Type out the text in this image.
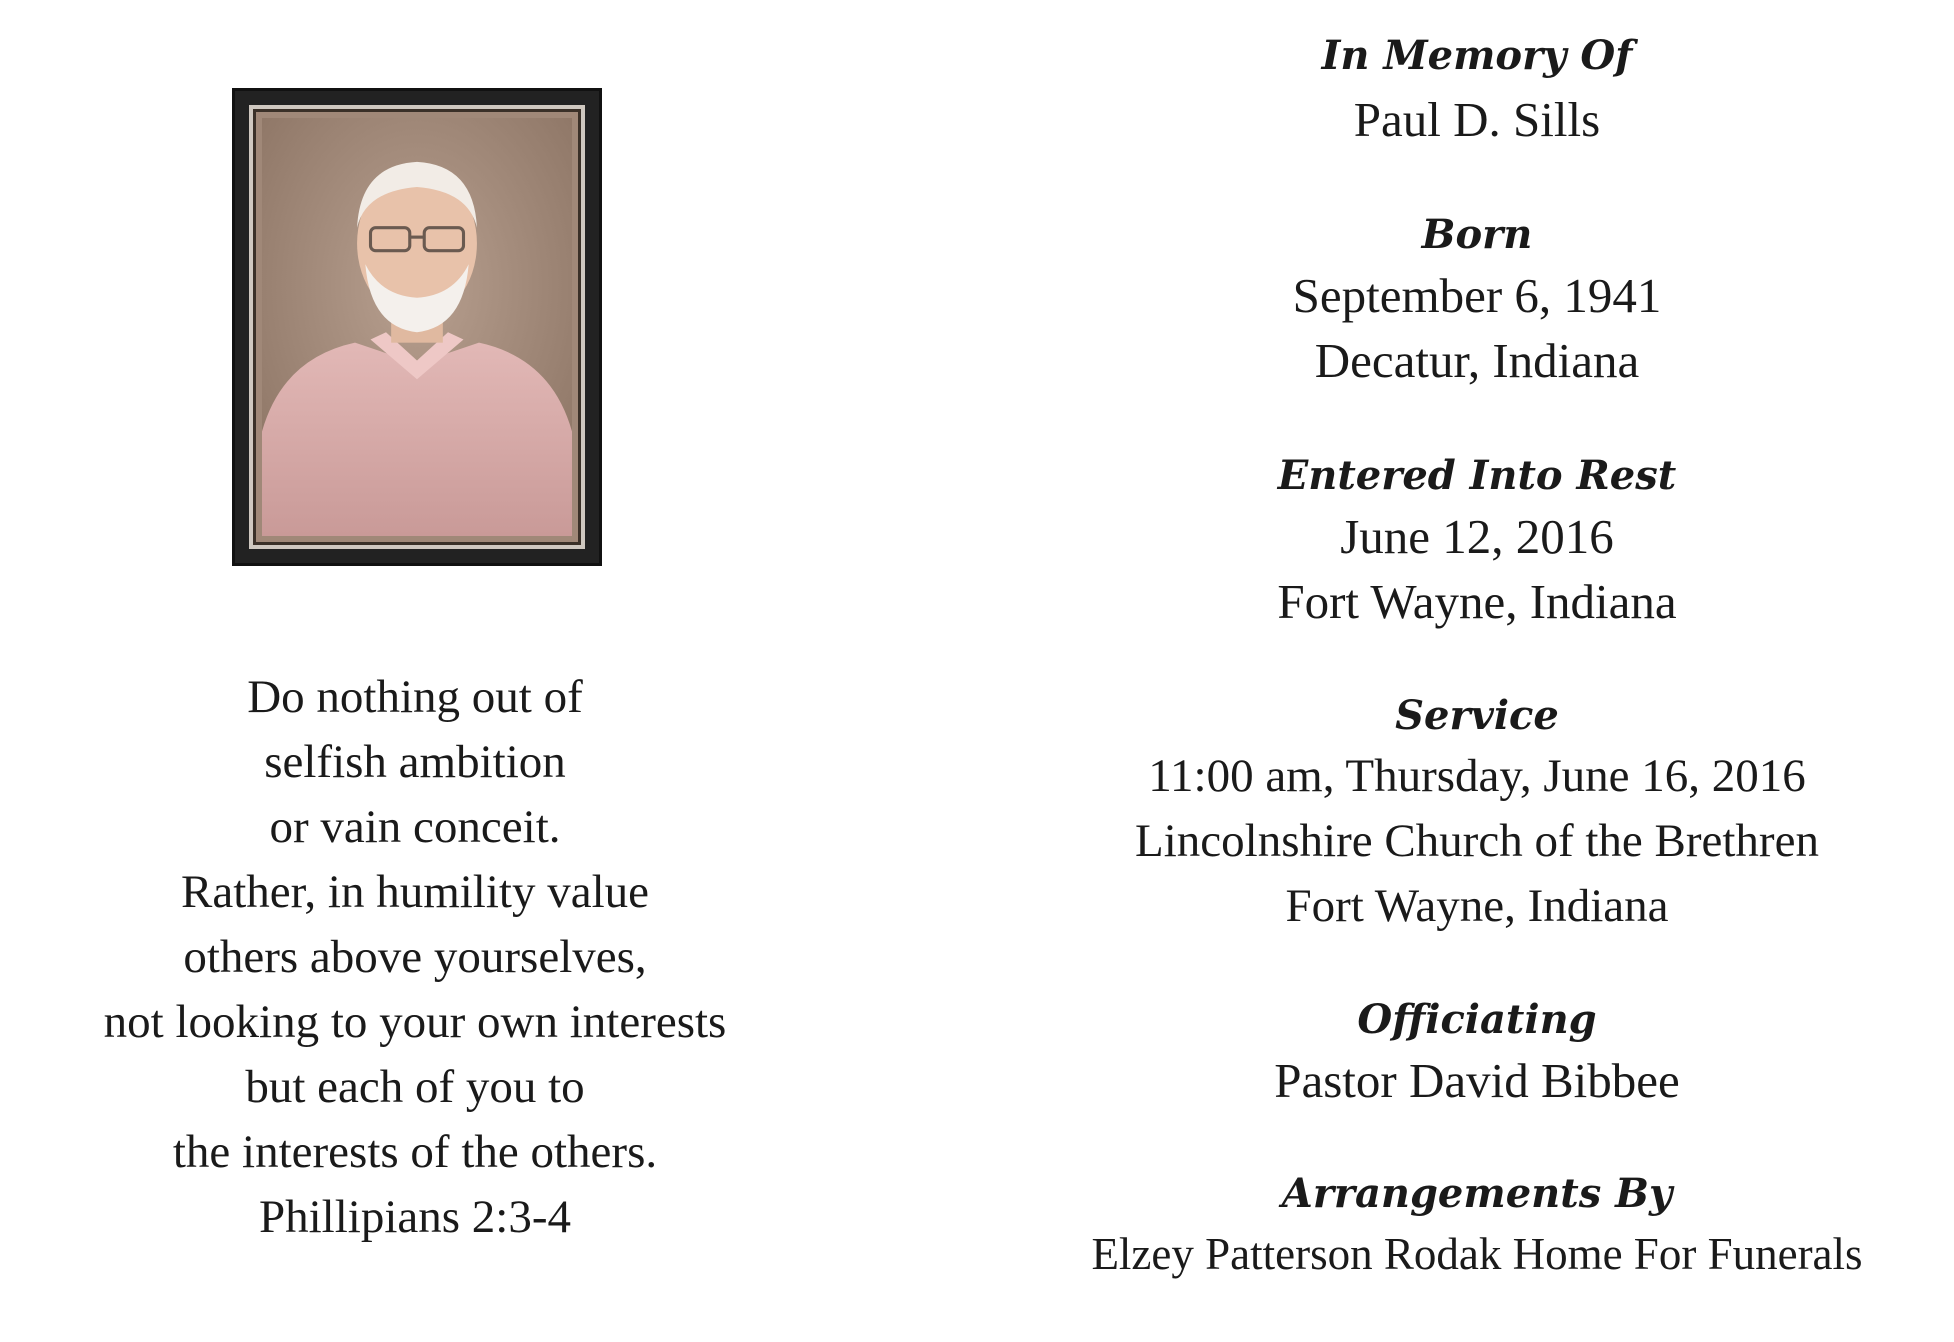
Do nothing out of
selfish ambition
or vain conceit.
Rather, in humility value
others above yourselves,
not looking to your own interests
but each of you to
the interests of the others.
Phillipians 2:3-4
In Memory Of
Paul D. Sills
Born
September 6, 1941
Decatur, Indiana
Entered Into Rest
June 12, 2016
Fort Wayne, Indiana
Service
11:00 am, Thursday, June 16, 2016
Lincolnshire Church of the Brethren
Fort Wayne, Indiana
Officiating
Pastor David Bibbee
Arrangements By
Elzey Patterson Rodak Home For Funerals
